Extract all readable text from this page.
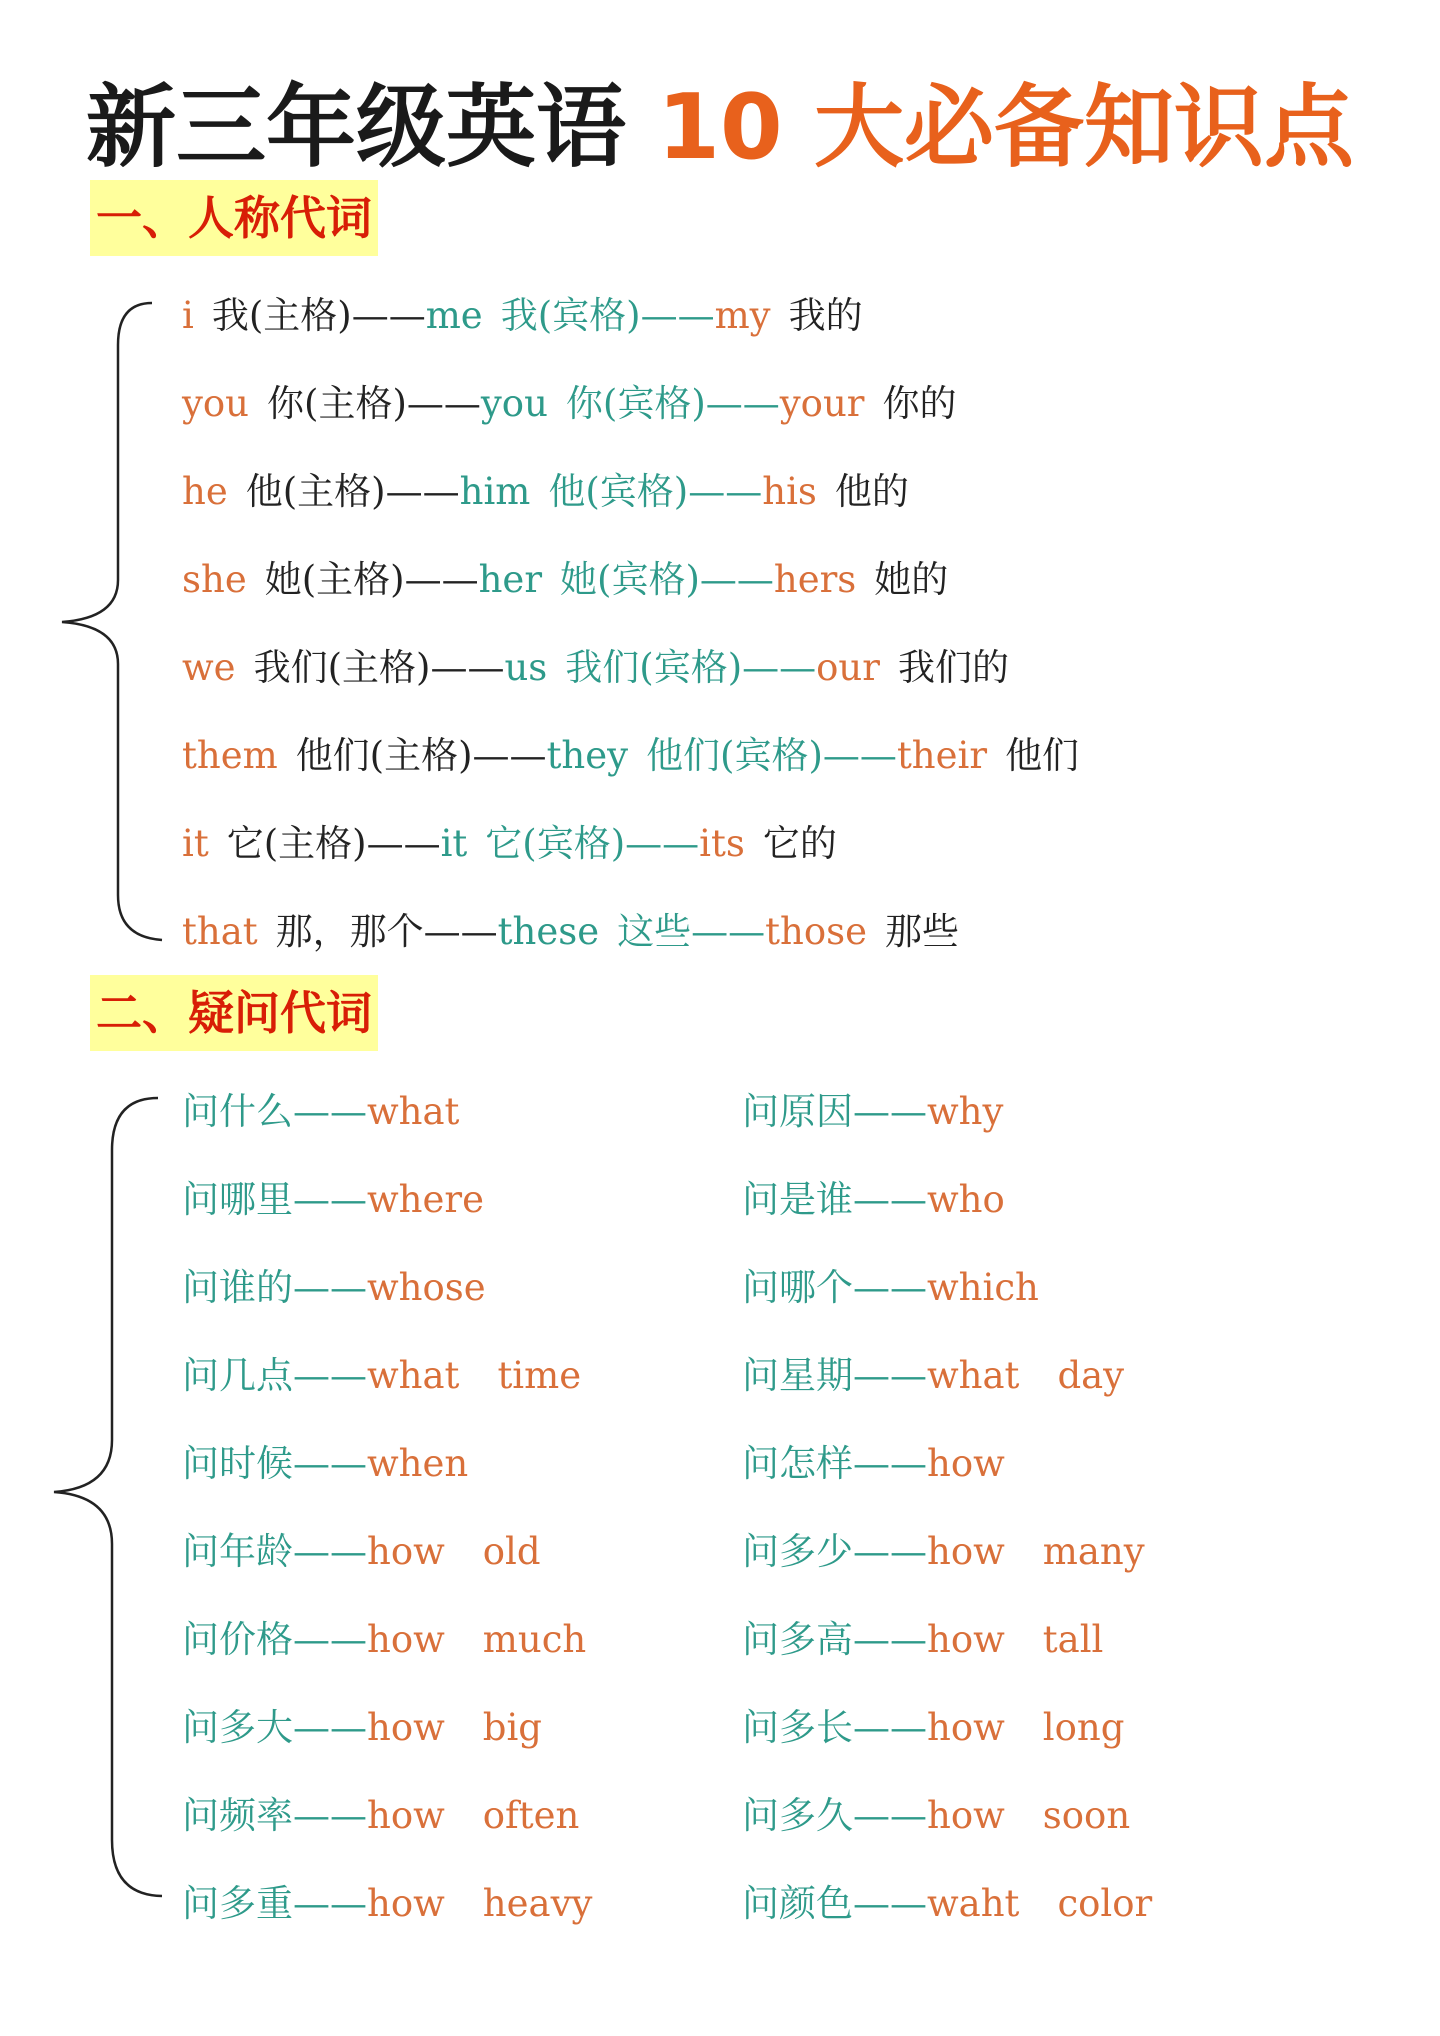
新三年级英语 10 大必备知识点
一、人称代词
i 我(主格)——me 我(宾格)——my 我的
you 你(主格)——you 你(宾格)——your 你的
he 他(主格)——him 他(宾格)——his 他的
she 她(主格)——her 她(宾格)——hers 她的
we 我们(主格)——us 我们(宾格)——our 我们的
them 他们(主格)——they 他们(宾格)——their 他们
it 它(主格)——it 它(宾格)——its 它的
that 那，那个——these 这些——those 那些
二、疑问代词
问什么——what
问哪里——where
问谁的——whose
问几点——what time
问时候——when
问年龄——how old
问价格——how much
问多大——how big
问频率——how often
问多重——how heavy
问原因——why
问是谁——who
问哪个——which
问星期——what day
问怎样——how
问多少——how many
问多高——how tall
问多长——how long
问多久——how soon
问颜色——waht color
